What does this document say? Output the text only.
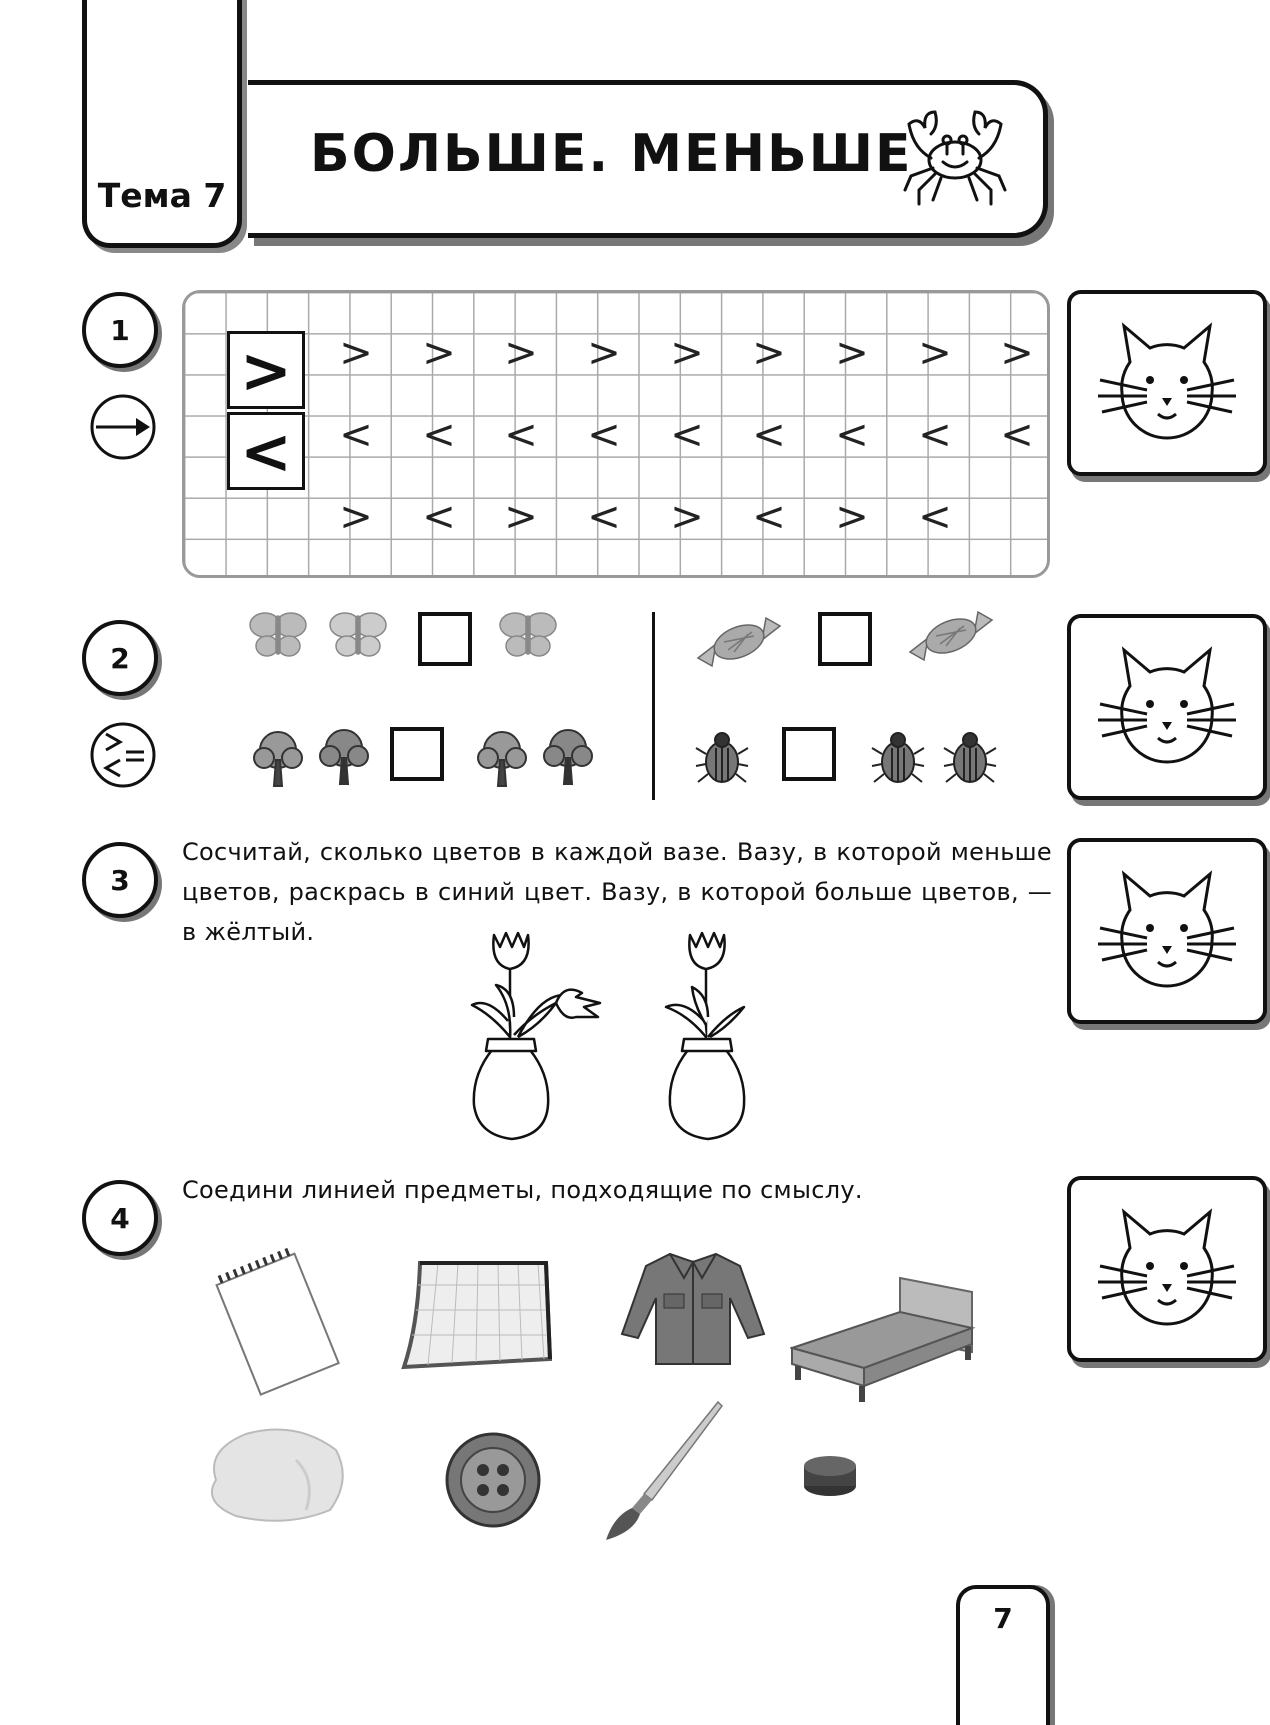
Тема 7
БОЛЬШЕ. МЕНЬШЕ
1
>
<
> > > > > > > > >
< < < < < < < < <
> < > < > < > <
2
3
Сосчитай, сколько цветов в каждой вазе. Вазу, в которой меньше цветов, раскрась в синий цвет. Вазу, в которой больше цветов, — в жёлтый.
4
Соедини линией предметы, подходящие по смыслу.
7
